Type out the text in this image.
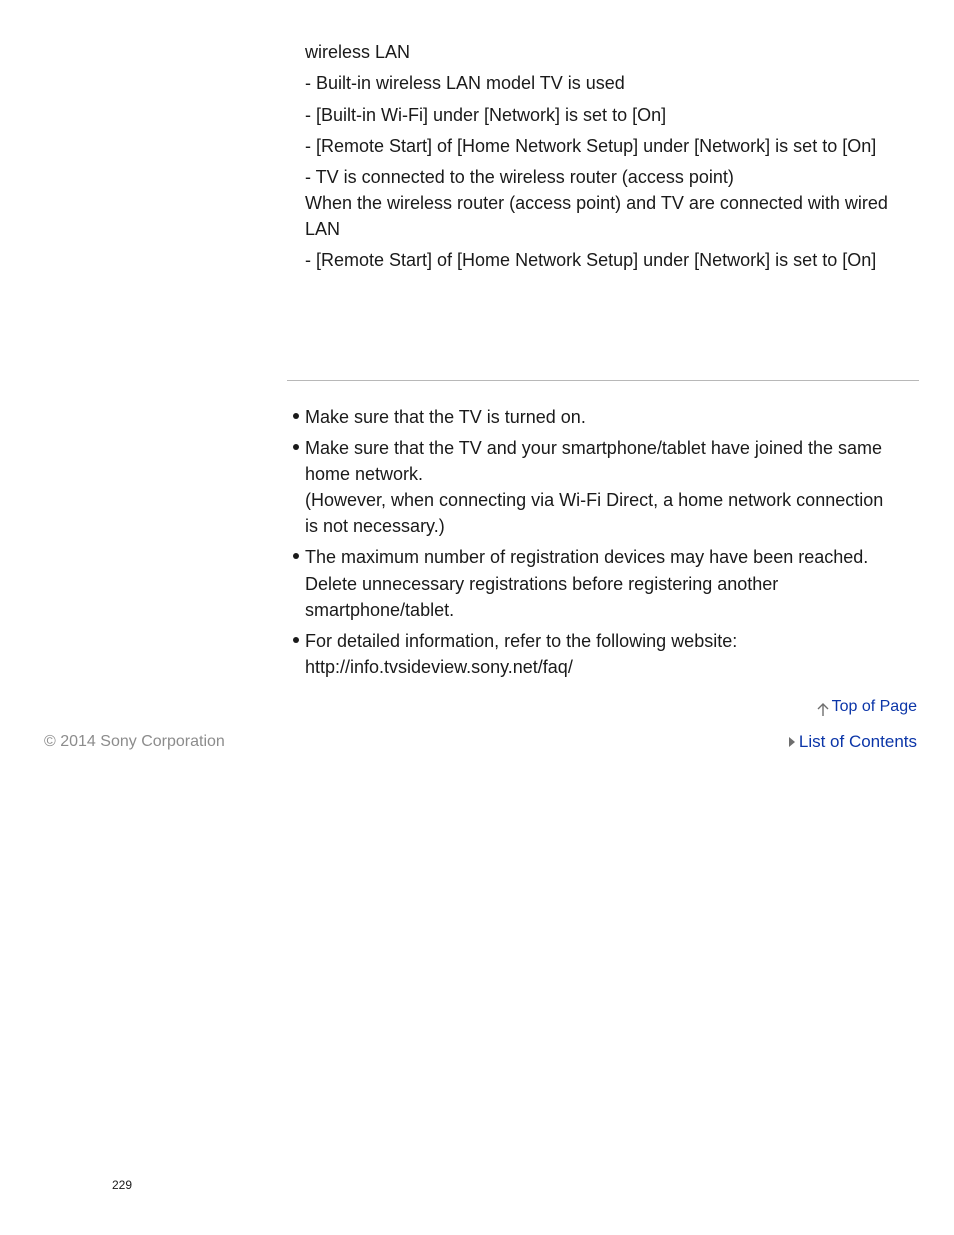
wireless LAN
- Built-in wireless LAN model TV is used
- [Built-in Wi-Fi] under [Network] is set to [On]
- [Remote Start] of [Home Network Setup] under [Network] is set to [On]
- TV is connected to the wireless router (access point)
When the wireless router (access point) and TV are connected with wired
LAN
- [Remote Start] of [Home Network Setup] under [Network] is set to [On]
Make sure that the TV is turned on.
Make sure that the TV and your smartphone/tablet have joined the same
home network.
(However, when connecting via Wi-Fi Direct, a home network connection
is not necessary.)
The maximum number of registration devices may have been reached.
Delete unnecessary registrations before registering another
smartphone/tablet.
For detailed information, refer to the following website:
http://info.tvsideview.sony.net/faq/
Top of Page
© 2014 Sony Corporation	List of Contents
229
